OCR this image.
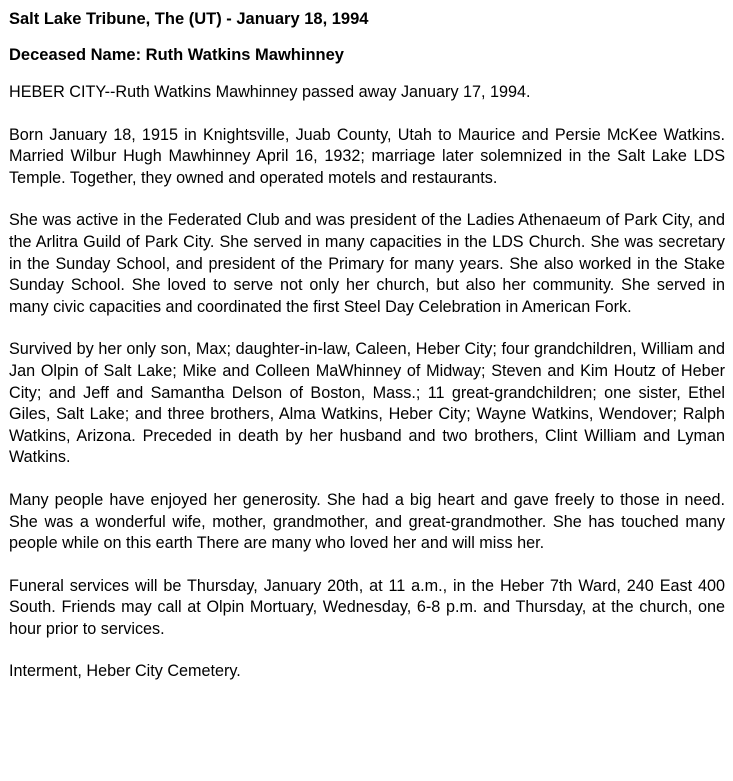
Salt Lake Tribune, The (UT) - January 18, 1994

Deceased Name: Ruth Watkins Mawhinney

HEBER CITY--Ruth Watkins Mawhinney passed away January 17, 1994.

Born January 18, 1915 in Knightsville, Juab County, Utah to Maurice and Persie McKee Watkins. Married Wilbur Hugh Mawhinney April 16, 1932; marriage later solemnized in the Salt Lake LDS Temple. Together, they owned and operated motels and restaurants.

She was active in the Federated Club and was president of the Ladies Athenaeum of Park City, and the Arlitra Guild of Park City. She served in many capacities in the LDS Church. She was secretary in the Sunday School, and president of the Primary for many years. She also worked in the Stake Sunday School. She loved to serve not only her church, but also her community. She served in many civic capacities and coordinated the first Steel Day Celebration in American Fork.

Survived by her only son, Max; daughter-in-law, Caleen, Heber City; four grandchildren, William and Jan Olpin of Salt Lake; Mike and Colleen MaWhinney of Midway; Steven and Kim Houtz of Heber City; and Jeff and Samantha Delson of Boston, Mass.; 11 great-grandchildren; one sister, Ethel Giles, Salt Lake; and three brothers, Alma Watkins, Heber City; Wayne Watkins, Wendover; Ralph Watkins, Arizona. Preceded in death by her husband and two brothers, Clint William and Lyman Watkins.

Many people have enjoyed her generosity. She had a big heart and gave freely to those in need. She was a wonderful wife, mother, grandmother, and great-grandmother. She has touched many people while on this earth There are many who loved her and will miss her.

Funeral services will be Thursday, January 20th, at 11 a.m., in the Heber 7th Ward, 240 East 400 South. Friends may call at Olpin Mortuary, Wednesday, 6-8 p.m. and Thursday, at the church, one hour prior to services.

Interment, Heber City Cemetery.
